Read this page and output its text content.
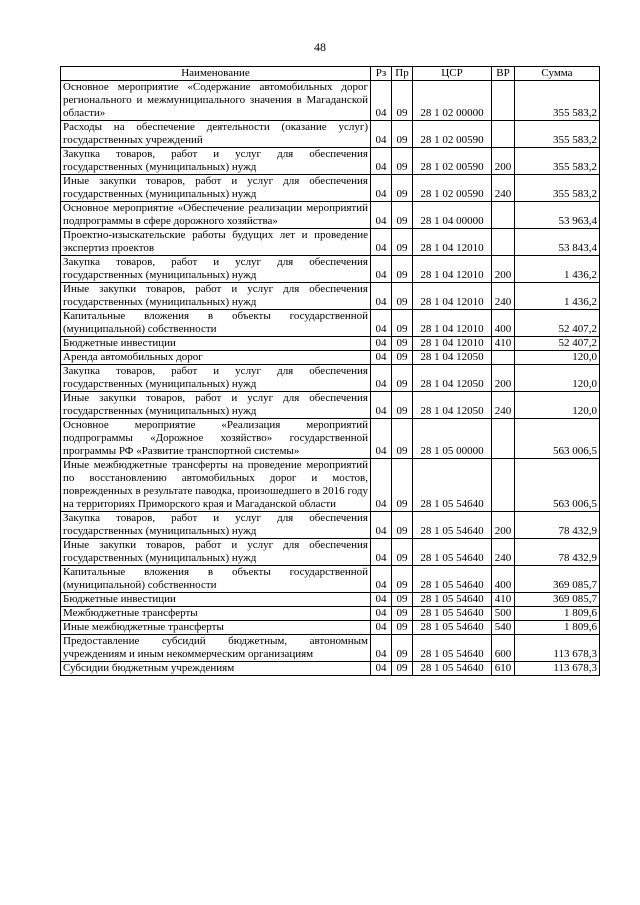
48
Наименование	Рз	Пр	ЦСР	ВР	Сумма
Основное мероприятие «Содержание автомобильных дорог регионального и межмуниципального значения в Магаданской области»	04	09	28 1 02 00000		355 583,2
Расходы на обеспечение деятельности (оказание услуг) государственных учреждений	04	09	28 1 02 00590		355 583,2
Закупка товаров, работ и услуг для обеспечения государственных (муниципальных) нужд	04	09	28 1 02 00590	200	355 583,2
Иные закупки товаров, работ и услуг для обеспечения государственных (муниципальных) нужд	04	09	28 1 02 00590	240	355 583,2
Основное мероприятие «Обеспечение реализации мероприятий подпрограммы в сфере дорожного хозяйства»	04	09	28 1 04 00000		53 963,4
Проектно-изыскательские работы будущих лет и проведение экспертиз проектов	04	09	28 1 04 12010		53 843,4
Закупка товаров, работ и услуг для обеспечения государственных (муниципальных) нужд	04	09	28 1 04 12010	200	1 436,2
Иные закупки товаров, работ и услуг для обеспечения государственных (муниципальных) нужд	04	09	28 1 04 12010	240	1 436,2
Капитальные вложения в объекты государственной (муниципальной) собственности	04	09	28 1 04 12010	400	52 407,2
Бюджетные инвестиции	04	09	28 1 04 12010	410	52 407,2
Аренда автомобильных дорог	04	09	28 1 04 12050		120,0
Закупка товаров, работ и услуг для обеспечения государственных (муниципальных) нужд	04	09	28 1 04 12050	200	120,0
Иные закупки товаров, работ и услуг для обеспечения государственных (муниципальных) нужд	04	09	28 1 04 12050	240	120,0
Основное мероприятие «Реализация мероприятий подпрограммы «Дорожное хозяйство» государственной программы РФ «Развитие транспортной системы»	04	09	28 1 05 00000		563 006,5
Иные межбюджетные трансферты на проведение мероприятий по восстановлению автомобильных дорог и мостов, поврежденных в результате паводка, произошедшего в 2016 году на территориях Приморского края и Магаданской области	04	09	28 1 05 54640		563 006,5
Закупка товаров, работ и услуг для обеспечения государственных (муниципальных) нужд	04	09	28 1 05 54640	200	78 432,9
Иные закупки товаров, работ и услуг для обеспечения государственных (муниципальных) нужд	04	09	28 1 05 54640	240	78 432,9
Капитальные вложения в объекты государственной (муниципальной) собственности	04	09	28 1 05 54640	400	369 085,7
Бюджетные инвестиции	04	09	28 1 05 54640	410	369 085,7
Межбюджетные трансферты	04	09	28 1 05 54640	500	1 809,6
Иные межбюджетные трансферты	04	09	28 1 05 54640	540	1 809,6
Предоставление субсидий бюджетным, автономным учреждениям и иным некоммерческим организациям	04	09	28 1 05 54640	600	113 678,3
Субсидии бюджетным учреждениям	04	09	28 1 05 54640	610	113 678,3
